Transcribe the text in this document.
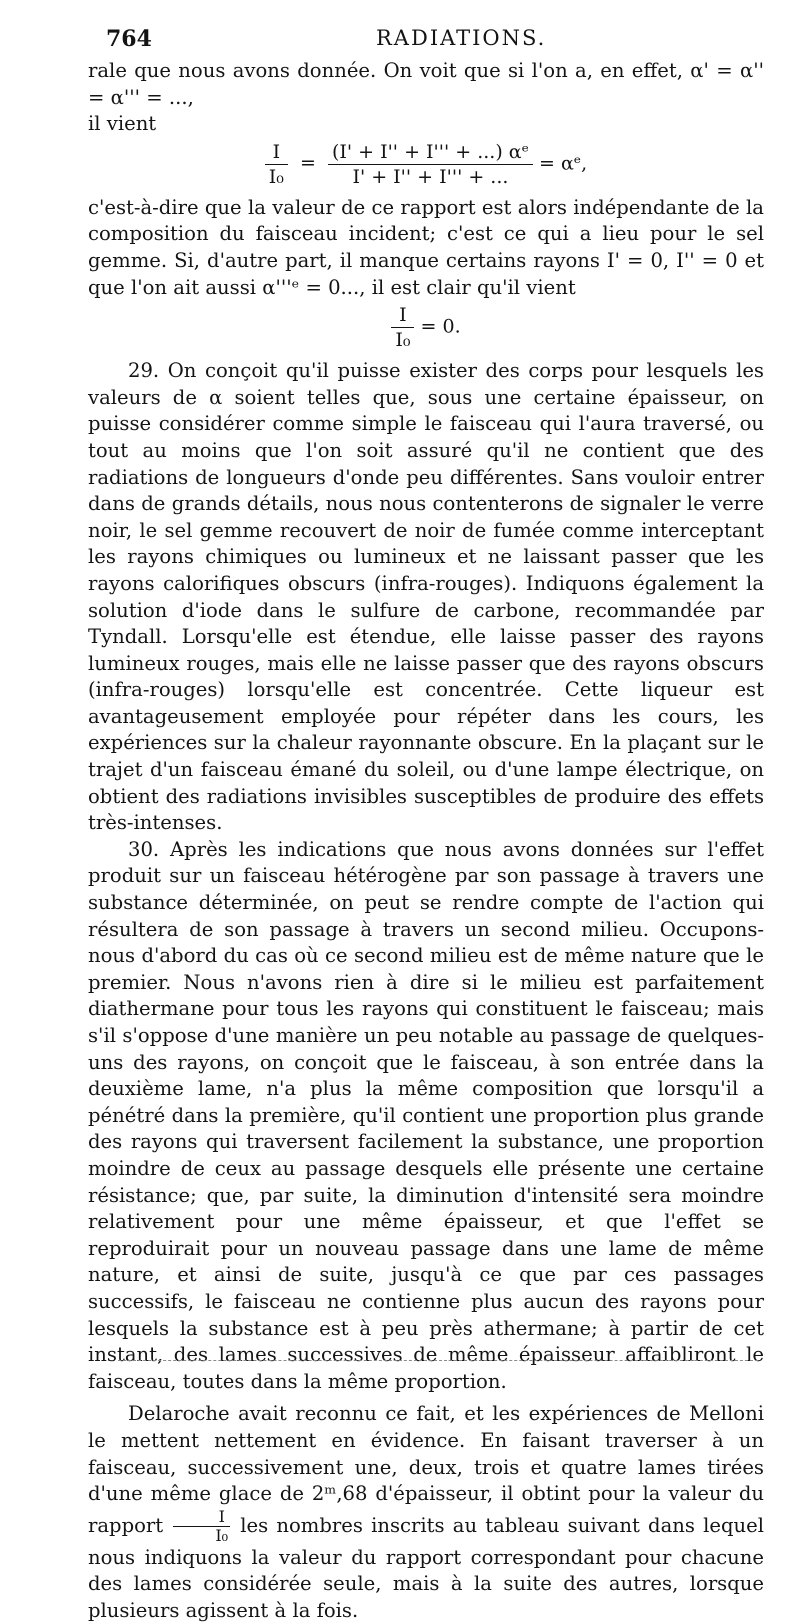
764	RADIATIONS.

rale que nous avons donnée. On voit que si l'on a, en effet, α' = α'' = α''' = ...,

il vient

$\frac{I}{\text{I₀}} = \frac{\text{(I' + I'' + I''' + ...) αᵉ}}{I' + I'' + I''' + ...}$ = αᵉ,

c'est-à-dire que la valeur de ce rapport est alors indépendante de la composition du faisceau incident; c'est ce qui a lieu pour le sel gemme. Si, d'autre part, il manque certains rayons I' = 0, I'' = 0 et que l'on ait aussi α'''ᵉ = 0..., il est clair qu'il vient

$\frac{I}{\text{I₀}} = 0$.

29. On conçoit qu'il puisse exister des corps pour lesquels les valeurs de α soient telles que, sous une certaine épaisseur, on puisse considérer comme simple le faisceau qui l'aura traversé, ou tout au moins que l'on soit assuré qu'il ne contient que des radiations de longueurs d'onde peu différentes. Sans vouloir entrer dans de grands détails, nous nous contenterons de signaler le verre noir, le sel gemme recouvert de noir de fumée comme interceptant les rayons chimiques ou lumineux et ne laissant passer que les rayons calorifiques obscurs (infra-rouges). Indiquons également la solution d'iode dans le sulfure de carbone, recommandée par Tyndall. Lorsqu'elle est étendue, elle laisse passer des rayons lumineux rouges, mais elle ne laisse passer que des rayons obscurs (infra-rouges) lorsqu'elle est concentrée. Cette liqueur est avantageusement employée pour répéter dans les cours, les expériences sur la chaleur rayonnante obscure. En la plaçant sur le trajet d'un faisceau émané du soleil, ou d'une lampe électrique, on obtient des radiations invisibles susceptibles de produire des effets très-intenses.

30. Après les indications que nous avons données sur l'effet produit sur un faisceau hétérogène par son passage à travers une substance déterminée, on peut se rendre compte de l'action qui résultera de son passage à travers un second milieu. Occupons-nous d'abord du cas où ce second milieu est de même nature que le premier. Nous n'avons rien à dire si le milieu est parfaitement diathermane pour tous les rayons qui constituent le faisceau; mais s'il s'oppose d'une manière un peu notable au passage de quelques-uns des rayons, on conçoit que le faisceau, à son entrée dans la deuxième lame, n'a plus la même composition que lorsqu'il a pénétré dans la première, qu'il contient une proportion plus grande des rayons qui traversent facilement la substance, une proportion moindre de ceux au passage desquels elle présente une certaine résistance; que, par suite, la diminution d'intensité sera moindre relativement pour une même épaisseur, et que l'effet se reproduirait pour un nouveau passage dans une lame de même nature, et ainsi de suite, jusqu'à ce que par ces passages successifs, le faisceau ne contienne plus aucun des rayons pour lesquels la substance est à peu près athermane; à partir de cet instant, des lames successives de même épaisseur affaibliront le faisceau, toutes dans la même proportion.

Delaroche avait reconnu ce fait, et les expériences de Melloni le mettent nettement en évidence. En faisant traverser à un faisceau, successivement une, deux, trois et quatre lames tirées d'une même glace de 2ᵐ,68 d'épaisseur, il obtint pour la valeur du rapport $\frac{I}{\text{I₀}}$ les nombres inscrits au tableau suivant dans lequel nous indiquons la valeur du rapport correspondant pour chacune des lames considérée seule, mais à la suite des autres, lorsque plusieurs agissent à la fois.
